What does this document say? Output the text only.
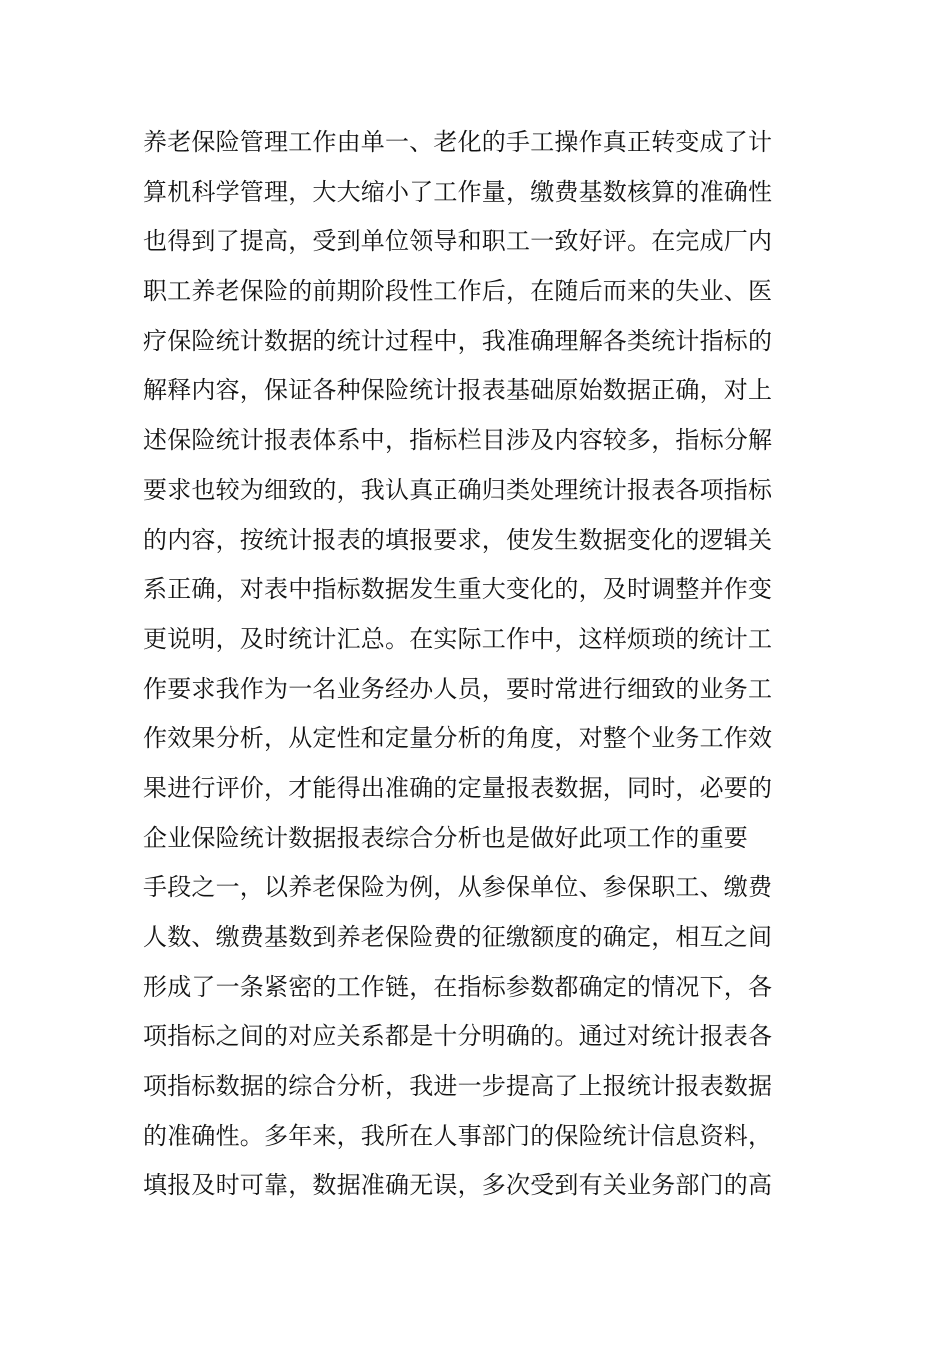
养老保险管理工作由单一、老化的手工操作真正转变成了计
算机科学管理，大大缩小了工作量，缴费基数核算的准确性
也得到了提高，受到单位领导和职工一致好评。在完成厂内
职工养老保险的前期阶段性工作后，在随后而来的失业、医
疗保险统计数据的统计过程中，我准确理解各类统计指标的
解释内容，保证各种保险统计报表基础原始数据正确，对上
述保险统计报表体系中，指标栏目涉及内容较多，指标分解
要求也较为细致的，我认真正确归类处理统计报表各项指标
的内容，按统计报表的填报要求，使发生数据变化的逻辑关
系正确，对表中指标数据发生重大变化的，及时调整并作变
更说明，及时统计汇总。在实际工作中，这样烦琐的统计工
作要求我作为一名业务经办人员，要时常进行细致的业务工
作效果分析，从定性和定量分析的角度，对整个业务工作效
果进行评价，才能得出准确的定量报表数据，同时，必要的
企业保险统计数据报表综合分析也是做好此项工作的重要
手段之一，以养老保险为例，从参保单位、参保职工、缴费
人数、缴费基数到养老保险费的征缴额度的确定，相互之间
形成了一条紧密的工作链，在指标参数都确定的情况下，各
项指标之间的对应关系都是十分明确的。通过对统计报表各
项指标数据的综合分析，我进一步提高了上报统计报表数据
的准确性。多年来，我所在人事部门的保险统计信息资料，
填报及时可靠，数据准确无误，多次受到有关业务部门的高
